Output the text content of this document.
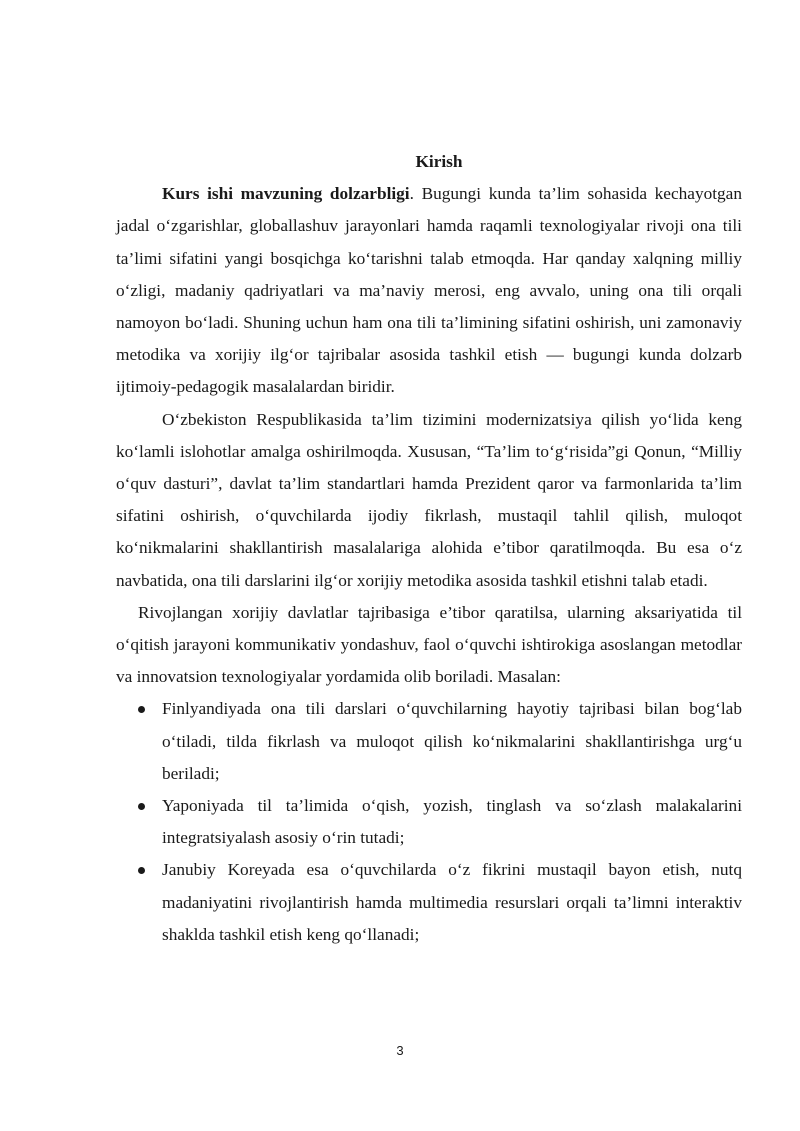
Kirish

Kurs ishi mavzuning dolzarbligi. Bugungi kunda ta’lim sohasida kechayotgan jadal o‘zgarishlar, globallashuv jarayonlari hamda raqamli texnologiyalar rivoji ona tili ta’limi sifatini yangi bosqichga ko‘tarishni talab etmoqda. Har qanday xalqning milliy o‘zligi, madaniy qadriyatlari va ma’naviy merosi, eng avvalo, uning ona tili orqali namoyon bo‘ladi. Shuning uchun ham ona tili ta’limining sifatini oshirish, uni zamonaviy metodika va xorijiy ilg‘or tajribalar asosida tashkil etish — bugungi kunda dolzarb ijtimoiy-pedagogik masalalardan biridir.

O‘zbekiston Respublikasida ta’lim tizimini modernizatsiya qilish yo‘lida keng ko‘lamli islohotlar amalga oshirilmoqda. Xususan, “Ta’lim to‘g‘risida”gi Qonun, “Milliy o‘quv dasturi”, davlat ta’lim standartlari hamda Prezident qaror va farmonlarida ta’lim sifatini oshirish, o‘quvchilarda ijodiy fikrlash, mustaqil tahlil qilish, muloqot ko‘nikmalarini shakllantirish masalalariga alohida e’tibor qaratilmoqda. Bu esa o‘z navbatida, ona tili darslarini ilg‘or xorijiy metodika asosida tashkil etishni talab etadi.

Rivojlangan xorijiy davlatlar tajribasiga e’tibor qaratilsa, ularning aksariyatida til o‘qitish jarayoni kommunikativ yondashuv, faol o‘quvchi ishtirokiga asoslangan metodlar va innovatsion texnologiyalar yordamida olib boriladi. Masalan:

Finlyandiyada ona tili darslari o‘quvchilarning hayotiy tajribasi bilan bog‘lab o‘tiladi, tilda fikrlash va muloqot qilish ko‘nikmalarini shakllantirishga urg‘u beriladi;
Yaponiyada til ta’limida o‘qish, yozish, tinglash va so‘zlash malakalarini integratsiyalash asosiy o‘rin tutadi;
Janubiy Koreyada esa o‘quvchilarda o‘z fikrini mustaqil bayon etish, nutq madaniyatini rivojlantirish hamda multimedia resurslari orqali ta’limni interaktiv shaklda tashkil etish keng qo‘llanadi;
3
